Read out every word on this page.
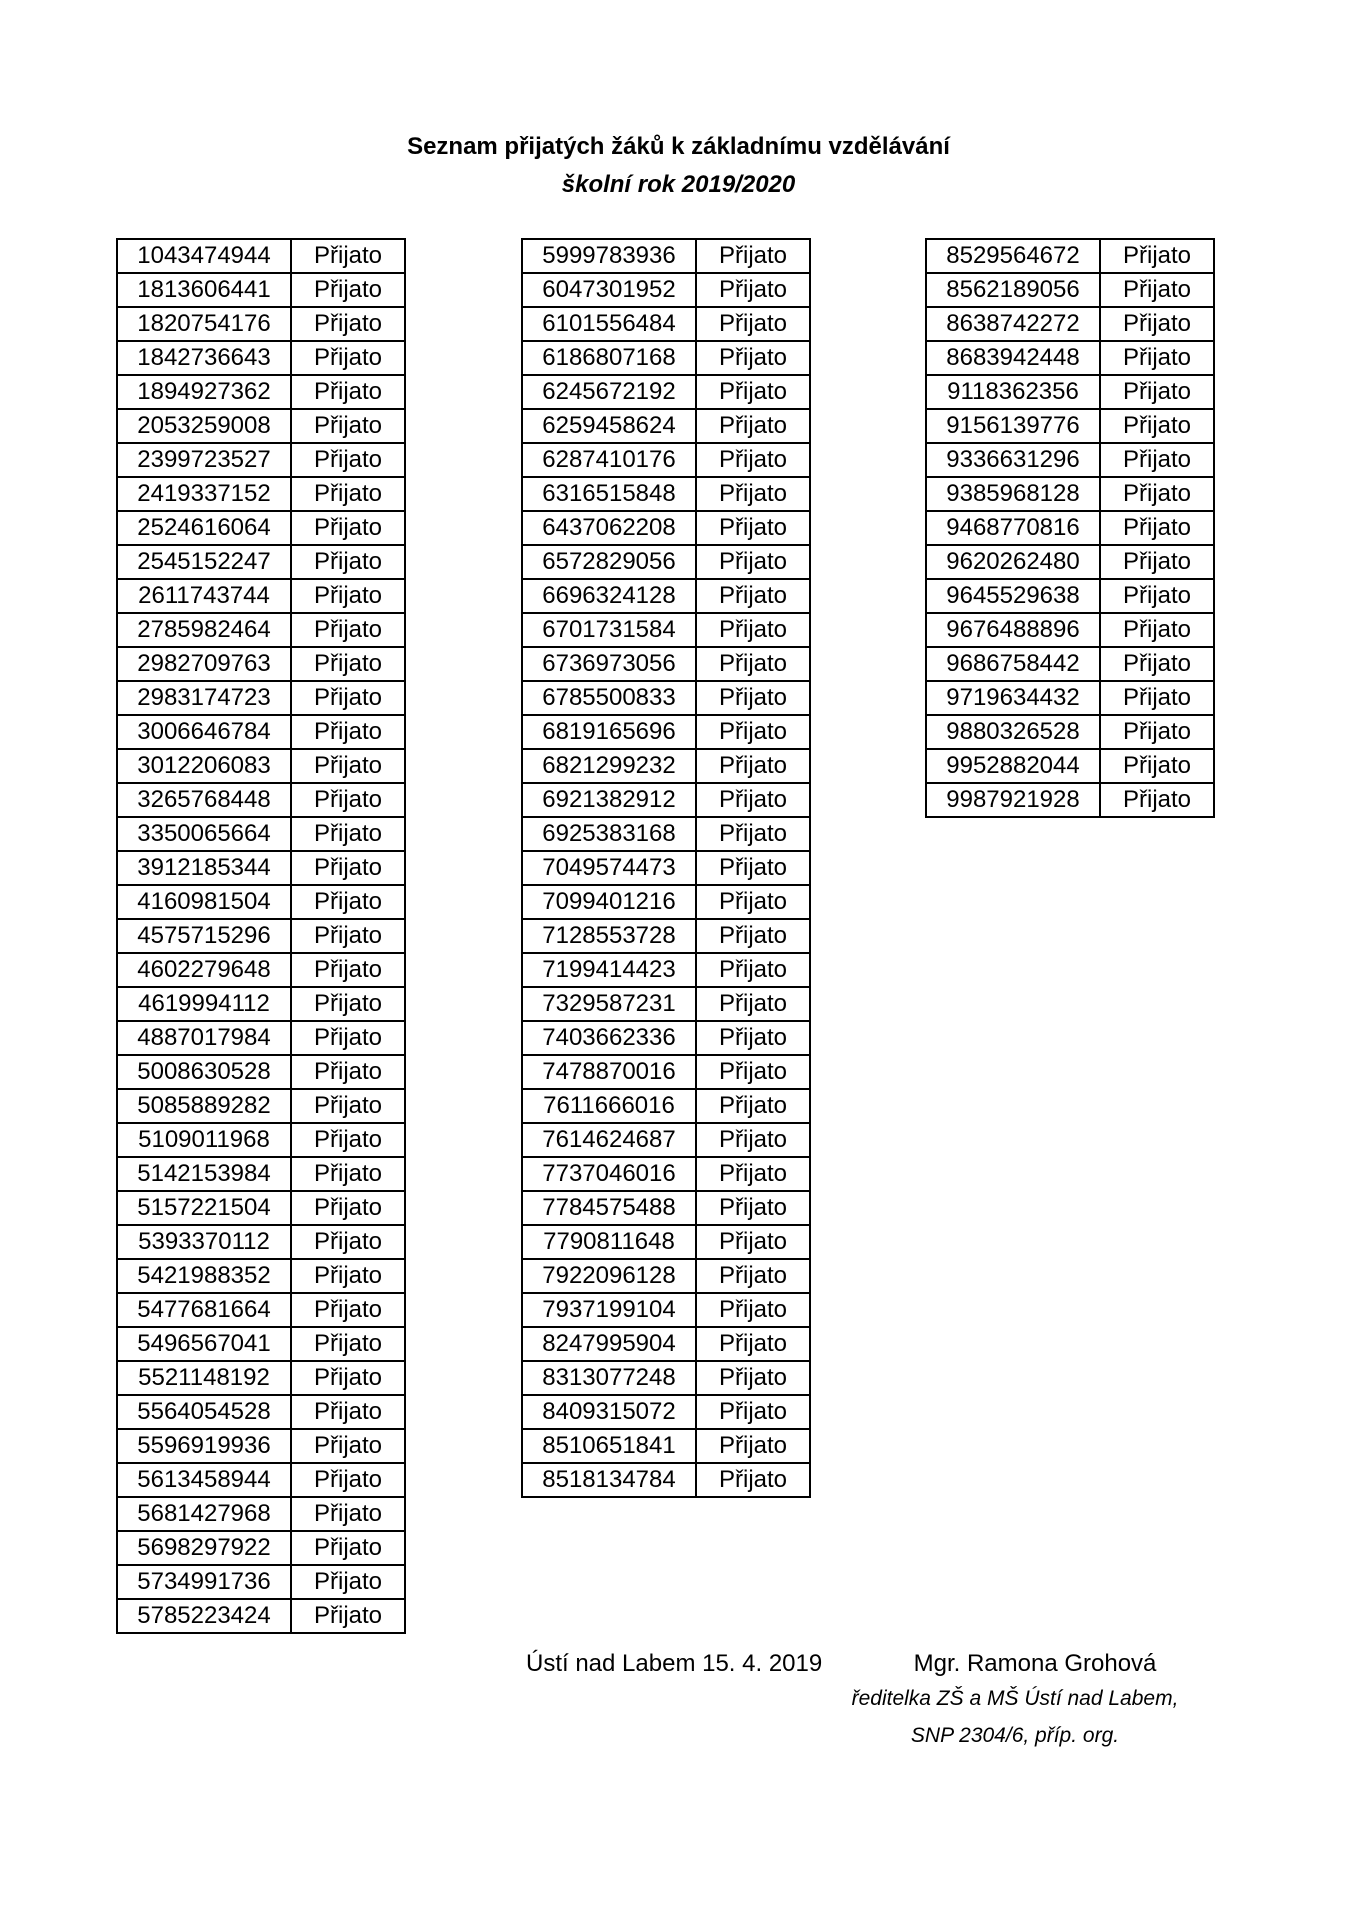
Seznam přijatých žáků k základnímu vzdělávání
školní rok 2019/2020
1043474944	Přijato
1813606441	Přijato
1820754176	Přijato
1842736643	Přijato
1894927362	Přijato
2053259008	Přijato
2399723527	Přijato
2419337152	Přijato
2524616064	Přijato
2545152247	Přijato
2611743744	Přijato
2785982464	Přijato
2982709763	Přijato
2983174723	Přijato
3006646784	Přijato
3012206083	Přijato
3265768448	Přijato
3350065664	Přijato
3912185344	Přijato
4160981504	Přijato
4575715296	Přijato
4602279648	Přijato
4619994112	Přijato
4887017984	Přijato
5008630528	Přijato
5085889282	Přijato
5109011968	Přijato
5142153984	Přijato
5157221504	Přijato
5393370112	Přijato
5421988352	Přijato
5477681664	Přijato
5496567041	Přijato
5521148192	Přijato
5564054528	Přijato
5596919936	Přijato
5613458944	Přijato
5681427968	Přijato
5698297922	Přijato
5734991736	Přijato
5785223424	Přijato
5999783936	Přijato
6047301952	Přijato
6101556484	Přijato
6186807168	Přijato
6245672192	Přijato
6259458624	Přijato
6287410176	Přijato
6316515848	Přijato
6437062208	Přijato
6572829056	Přijato
6696324128	Přijato
6701731584	Přijato
6736973056	Přijato
6785500833	Přijato
6819165696	Přijato
6821299232	Přijato
6921382912	Přijato
6925383168	Přijato
7049574473	Přijato
7099401216	Přijato
7128553728	Přijato
7199414423	Přijato
7329587231	Přijato
7403662336	Přijato
7478870016	Přijato
7611666016	Přijato
7614624687	Přijato
7737046016	Přijato
7784575488	Přijato
7790811648	Přijato
7922096128	Přijato
7937199104	Přijato
8247995904	Přijato
8313077248	Přijato
8409315072	Přijato
8510651841	Přijato
8518134784	Přijato
8529564672	Přijato
8562189056	Přijato
8638742272	Přijato
8683942448	Přijato
9118362356	Přijato
9156139776	Přijato
9336631296	Přijato
9385968128	Přijato
9468770816	Přijato
9620262480	Přijato
9645529638	Přijato
9676488896	Přijato
9686758442	Přijato
9719634432	Přijato
9880326528	Přijato
9952882044	Přijato
9987921928	Přijato
Ústí nad Labem 15. 4. 2019	Mgr. Ramona Grohová
ředitelka ZŠ a MŠ Ústí nad Labem,
SNP 2304/6, příp. org.
